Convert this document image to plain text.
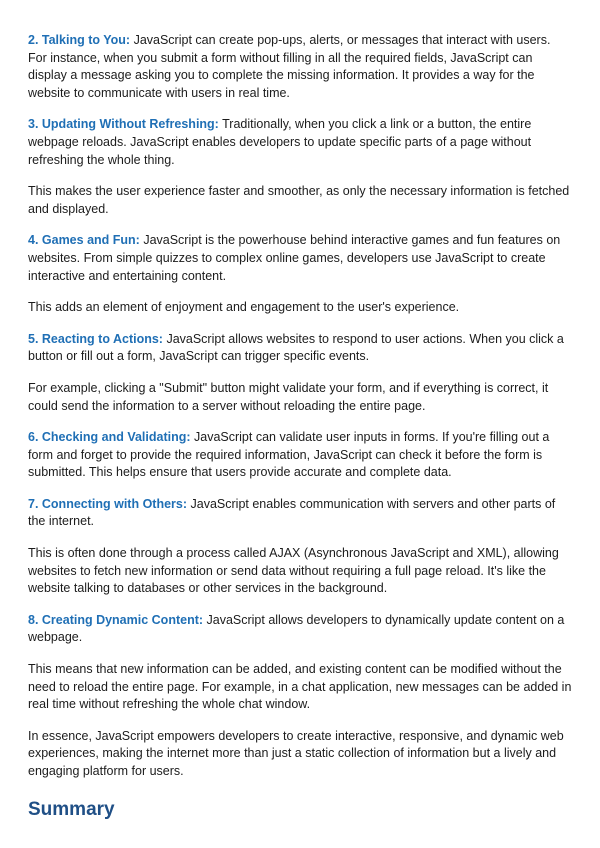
2. Talking to You: JavaScript can create pop-ups, alerts, or messages that interact with users. For instance, when you submit a form without filling in all the required fields, JavaScript can display a message asking you to complete the missing information. It provides a way for the website to communicate with users in real time.

3. Updating Without Refreshing: Traditionally, when you click a link or a button, the entire webpage reloads. JavaScript enables developers to update specific parts of a page without refreshing the whole thing.

This makes the user experience faster and smoother, as only the necessary information is fetched and displayed.

4. Games and Fun: JavaScript is the powerhouse behind interactive games and fun features on websites. From simple quizzes to complex online games, developers use JavaScript to create interactive and entertaining content.

This adds an element of enjoyment and engagement to the user's experience.

5. Reacting to Actions: JavaScript allows websites to respond to user actions. When you click a button or fill out a form, JavaScript can trigger specific events.

For example, clicking a "Submit" button might validate your form, and if everything is correct, it could send the information to a server without reloading the entire page.

6. Checking and Validating: JavaScript can validate user inputs in forms. If you're filling out a form and forget to provide the required information, JavaScript can check it before the form is submitted. This helps ensure that users provide accurate and complete data.

7. Connecting with Others: JavaScript enables communication with servers and other parts of the internet.

This is often done through a process called AJAX (Asynchronous JavaScript and XML), allowing websites to fetch new information or send data without requiring a full page reload. It's like the website talking to databases or other services in the background.

8. Creating Dynamic Content: JavaScript allows developers to dynamically update content on a webpage.

This means that new information can be added, and existing content can be modified without the need to reload the entire page. For example, in a chat application, new messages can be added in real time without refreshing the whole chat window.

In essence, JavaScript empowers developers to create interactive, responsive, and dynamic web experiences, making the internet more than just a static collection of information but a lively and engaging platform for users.

Summary
